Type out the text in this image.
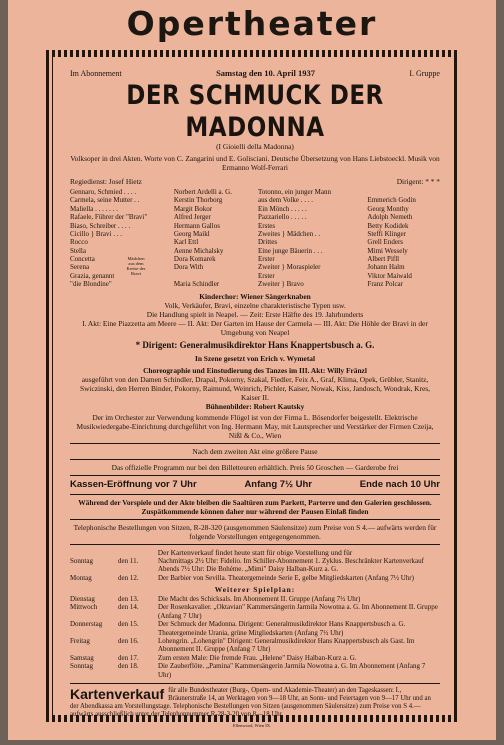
Opertheater
Im Abonnement	Samstag den 10. April 1937	I. Gruppe
DER SCHMUCK DER MADONNA
(I Gioielli della Madonna)
Volksoper in drei Akten. Worte von C. Zangarini und E. Golisciani. Deutsche Übersetzung von Hans Liebstoeckl. Musik von Ermanno Wolf-Ferrari
Regiedienst: Josef Hietz	Dirigent: * * *
Gennaro, Schmied . . . .	Norbert Ardelli a. G.
Carmela, seine Mutter . .	Kerstin Thorborg
Maliella . . . . . . .	Margit Bokor
Rafaele, Führer der "Bravi"	Alfred Jerger
Biaso, Schreiber . . . .	Hermann Gallos
Cicillo } Bravi . . .	Georg Maikl
Rocco	Karl Ettl
Stella	Aenne Michalsky
Concetta	Dora Komarek
Serena	Dora With
Grazia, genannt	
"die Blondine"	Maria Schindler
Totonno, ein junger Mann	
aus dem Volke . . . .	Emmerich Godin
Ein Mönch . . . . .	Georg Monthy
Pazzariello . . . . .	Adolph Nemeth
Erstes	Betty Kodidek
Zweites } Mädchen . .	Steffi Klinger
Drittes	Grell Enders
Eine junge Bäuerin . . .	Mimi Wessely
Erster	Albert Pifll
Zweiter } Moraspieler	Johann Halm
Erster	Viktor Maiwald
Zweiter } Bravo	Franz Polcar
Mädchen aus dem Kreise der Bravi
Kinderchor: Wiener Sängerknaben
Volk, Verkäufer, Bravi, einzelne charakteristische Typen usw.
Die Handlung spielt in Neapel. — Zeit: Erste Hälfte des 19. Jahrhunderts
I. Akt: Eine Piazzetta am Meere — II. Akt: Der Garten im Hause der Carmela — III. Akt: Die Höhle der Bravi in der Umgebung von Neapel
* Dirigent: Generalmusikdirektor Hans Knappertsbusch a. G.
In Szene gesetzt von Erich v. Wymetal
Choreographie und Einstudierung des Tanzes im III. Akt: Willy Fränzl
ausgeführt von den Damen Schindler, Drapal, Pokorny, Szakal, Fiedler, Feix A., Graf, Klima, Opek, Grübler, Stanitz, Swiczinski, den Herren Binder, Pokorny, Raimund, Weinrich, Pichler, Kaiser, Nowak, Kiss, Jandosch, Wondrak, Kres, Kaiser II.
Bühnenbilder: Robert Kautsky
Der im Orchester zur Verwendung kommende Flügel ist von der Firma L. Bösendorfer beigestellt. Elektrische Musikwiedergabe-Einrichtung durchgeführt von Ing. Hermann May, mit Lautsprecher und Verstärker der Firmen Czeija, Nißl & Co., Wien
Nach dem zweiten Akt eine größere Pause
Das offizielle Programm nur bei den Billetteuren erhältlich. Preis 50 Groschen — Garderobe frei
Kassen-Eröffnung vor 7 Uhr	Anfang 7½ Uhr	Ende nach 10 Uhr
Während der Vorspiele und der Akte bleiben die Saaltüren zum Parkett, Parterre und den Galerien geschlossen. Zuspätkommende können daher nur während der Pausen Einlaß finden
Telephonische Bestellungen von Sitzen, R-28-320 (ausgenommen Säulensitze) zum Preise von S 4.— aufwärts werden für folgende Vorstellungen entgegengenommen.
Der Kartenverkauf findet heute statt für obige Vorstellung und für
Sonntag	den 11.	Nachmittags 2½ Uhr: Fidelio. Im Schiller-Abonnement 1. Zyklus. Beschränkter Kartenverkauf
		Abends 7½ Uhr: Die Bohème. „Mimi" Daisy Halban-Kurz a. G.
Montag	den 12.	Der Barbier von Sevilla. Theatergemeinde Serie E, gelbe Mitgliedskarten (Anfang 7½ Uhr)
Weiterer Spielplan:
Dienstag	den 13.	Die Macht des Schicksals. Im Abonnement II. Gruppe (Anfang 7½ Uhr)
Mittwoch	den 14.	Der Rosenkavalier. „Oktavian" Kammersängerin Jarmila Nowotna a. G. Im Abonnement II. Gruppe (Anfang 7 Uhr)
Donnerstag	den 15.	Der Schmuck der Madonna. Dirigent: Generalmusikdirektor Hans Knappertsbusch a. G. Theatergemeinde Urania, grüne Mitgliedskarten (Anfang 7½ Uhr)
Freitag	den 16.	Lohengrin. „Lohengrin" Dirigent: Generalmusikdirektor Hans Knappertsbusch als Gast. Im Abonnement II. Gruppe (Anfang 7 Uhr)
Samstag	den 17.	Zum ersten Male: Die fremde Frau. „Helene" Daisy Halban-Kurz a. G.
Sonntag	den 18.	Die Zauberflöte. „Pamina" Kammersängerin Jarmila Nowotna a. G. Im Abonnement (Anfang 7 Uhr)
Kartenverkauf für alle Bundestheater (Burg-, Opern- und Akademie-Theater) an den Tageskassen: I., Bräunerstraße 14, an Werktagen von 9—18 Uhr, an Sonn- und Feiertagen von 9—17 Uhr und an der Abendkassa am Vorstellungstage. Telephonische Bestellungen von Sitzen (ausgenommen Säulensitze) zum Preise von S 4.— aufwärts ausschließlich unter der Telephonnummer R-28-3-20 von 8—18 Uhr.
Ellenwood, Wien IX.
